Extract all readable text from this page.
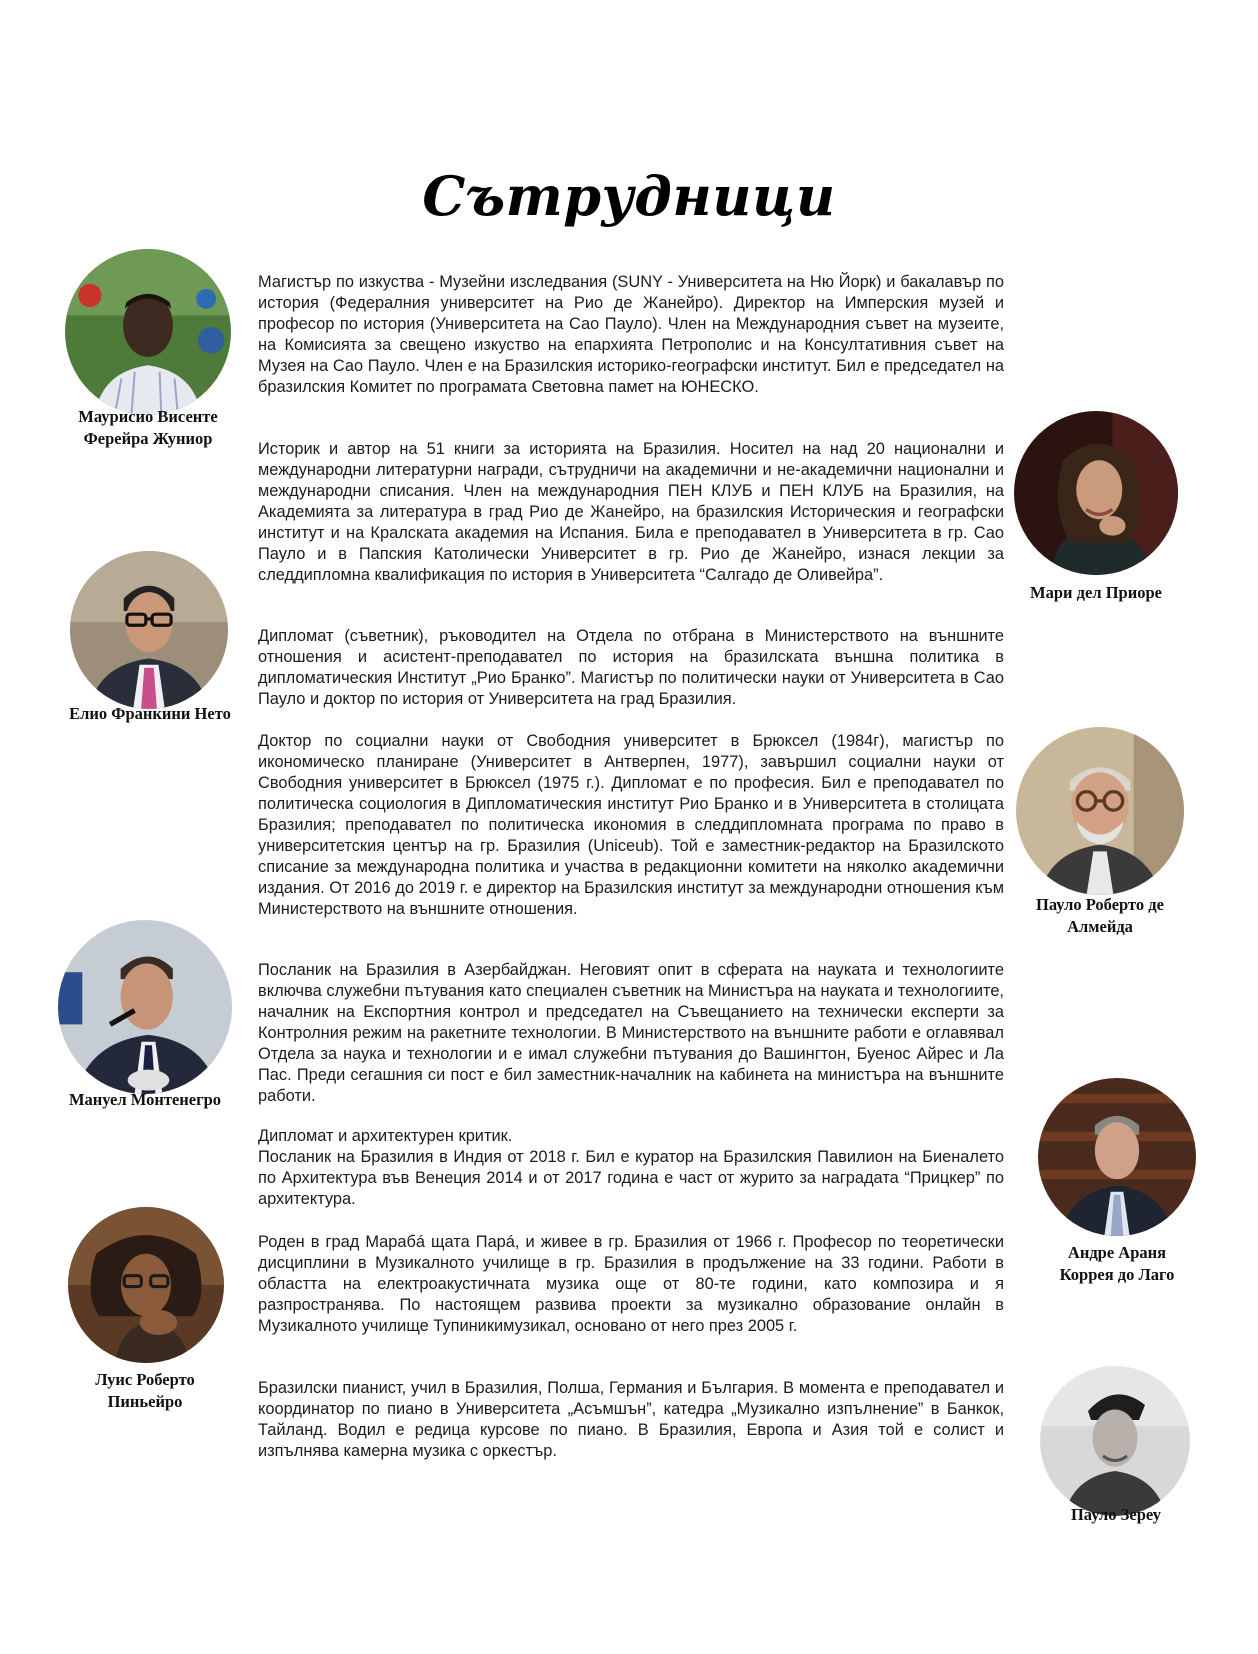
Сътрудници

Магистър по изкуства - Музейни изследвания (SUNY - Университета на Ню Йорк) и бакалавър по история (Федералния университет на Рио де Жанейро). Директор на Имперския музей и професор по история (Университета на Сао Пауло). Член на Международния съвет на музеите, на Комисията за свещено изкуство на епархията Петрополис и на Консултативния съвет на Музея на Сао Пауло. Член е на Бразилския историко-географски институт. Бил е председател на бразилския Комитет по програмата Световна памет на ЮНЕСКО.

Историк и автор на 51 книги за историята на Бразилия. Носител на над 20 национални и международни литературни награди, сътрудничи на академични и не-академични национални и международни списания. Член на международния ПЕН КЛУБ и ПЕН КЛУБ на Бразилия, на Академията за литература в град Рио де Жанейро, на бразилския Историческия и географски институт и на Кралската академия на Испания. Била е преподавател в Университета в гр. Сао Пауло и в Папския Католически Университет в гр. Рио де Жанейро, изнася лекции за следдипломна квалификация по история в Университета “Салгадо де Оливейра”.

Дипломат (съветник), ръководител на Отдела по отбрана в Министерството на външните отношения и асистент-преподавател по история на бразилската външна политика в дипломатическия Институт „Рио Бранко”. Магистър по политически науки от Университета в Сао Пауло и доктор по история от Университета на град Бразилия.

Доктор по социални науки от Свободния университет в Брюксел (1984г), магистър по икономическо планиране (Университет в Антверпен, 1977), завършил социални науки от Свободния университет в Брюксел (1975 г.). Дипломат е по професия. Бил е преподавател по политическа социология в Дипломатическия институт Рио Бранко и в Университета в столицата Бразилия; преподавател по политическа икономия в следдипломната програма по право в университетския център на гр. Бразилия (Uniceub). Той е заместник-редактор на Бразилското списание за международна политика и участва в редакционни комитети на няколко академични издания. От 2016 до 2019 г. е директор на Бразилския институт за международни отношения към Министерството на външните отношения.

Посланик на Бразилия в Азербайджан. Неговият опит в сферата на науката и технологиите включва служебни пътувания като специален съветник на Министъра на науката и технологиите, началник на Експортния контрол и председател на Съвещанието на технически експерти за Контролния режим на ракетните технологии. В Министерството на външните работи е оглавявал Отдела за наука и технологии и е имал служебни пътувания до Вашингтон, Буенос Айрес и Ла Пас. Преди сегашния си пост е бил заместник-началник на кабинета на министъра на външните работи.

Дипломат и архитектурен критик.
Посланик на Бразилия в Индия от 2018 г. Бил е куратор на Бразилския Павилион на Биеналето по Архитектура във Венеция 2014 и от 2017 година е част от журито за наградата “Прицкер” по архитектура.

Роден в град Марабá щата Парá, и живее в гр. Бразилия от 1966 г. Професор по теоретически дисциплини в Музикалното училище в гр. Бразилия в продължение на 33 години. Работи в областта на електроакустичната музика още от 80-те години, като композира и я разпространява. По настоящем развива проекти за музикално образование онлайн в Музикалното училище Тупиникимузикал, основано от него през 2005 г.

Бразилски пианист, учил в Бразилия, Полша, Германия и България. В момента е преподавател и координатор по пиано в Университета „Асъмшън”, катедра „Музикално изпълнение” в Банкок, Тайланд. Водил е редица курсове по пиано. В Бразилия, Европа и Азия той е солист и изпълнява камерна музика с оркестър.

Маурисио Висенте
Ферейра Жуниор
Мари дел Приоре
Елио Франкини Нето
Пауло Роберто де
Алмейда
Мануел Монтенегро
Андре Араня
Коррея до Лаго
Луис Роберто
Пиньейро
Пауло Зереу
